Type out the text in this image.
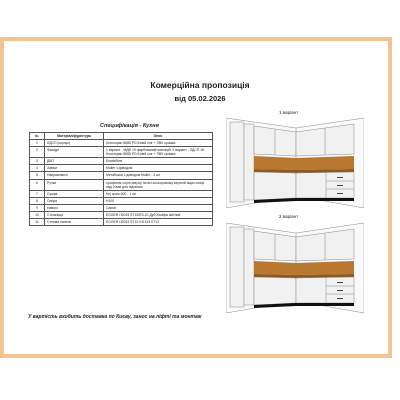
Комерційна пропозиція
від 05.02.2026
Специфікація - Кухня
№	Матеріал/фурнітура	Опис
1	ЛДСП (корпус)	Kronospan 8685 PD Білий сніг + ПВХ кромка
2	Фасади	1 варіант - МДФ 19 фарбований матовий; 2 варіант - ЛДСП 18 Kronospan 8685 PD Білий сніг + ПВХ кромка
3	ДВП	Білий/біле
4	Завіси	Muller з доводом
5	Направляючі	Метабокси з доводом Muller - 3 шт
6	Ручки	профілем чорні зверху на всі кольоровому верхній ящик секції над 20мм для підсвітки
7	Сушка	Kej хром 600 - 1 шт
8	Опори	H100
9	Навіси	Camar
10	Стільниця	EGGER H2033 ST10/R3-10 Дуб Халіфа світлий
11	Стінова панель	EGGER H2033 ST10 /H2133 ST12
У вартість входить доставка по Києву, занос на ліфті та монтаж
1 варіант
2 варіант
